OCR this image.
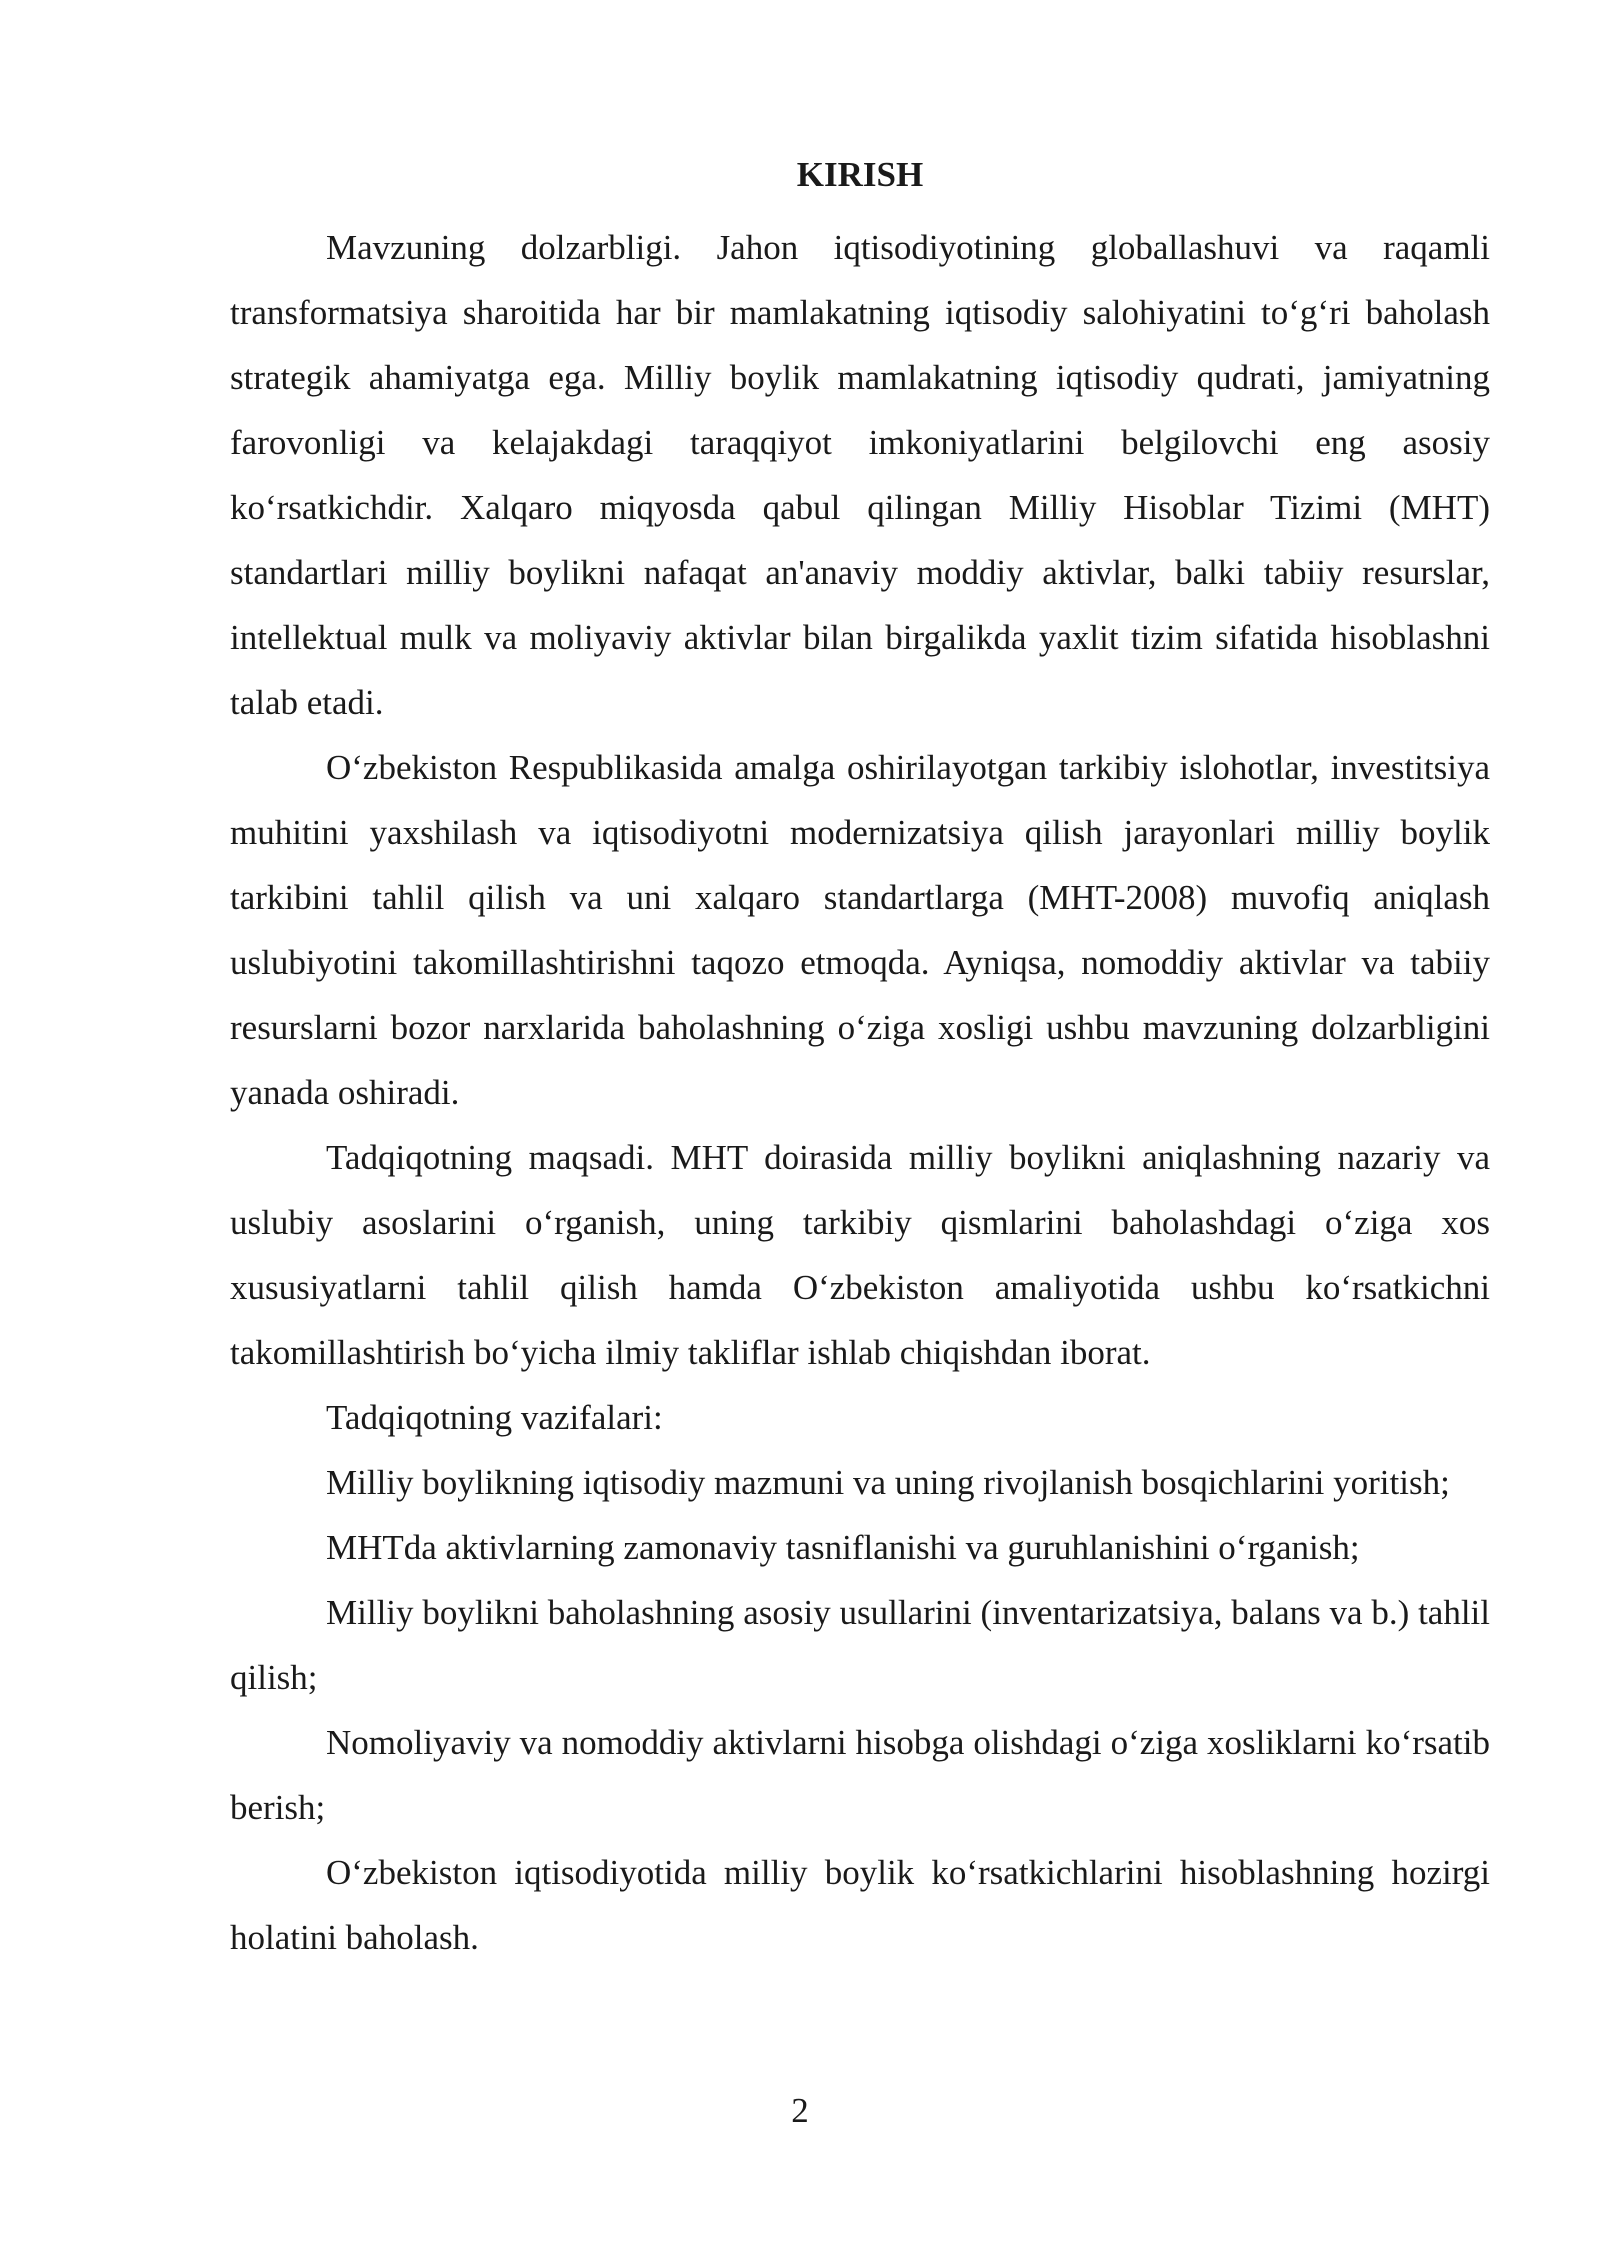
KIRISH

Mavzuning dolzarbligi. Jahon iqtisodiyotining globallashuvi va raqamli transformatsiya sharoitida har bir mamlakatning iqtisodiy salohiyatini to‘g‘ri baholash strategik ahamiyatga ega. Milliy boylik mamlakatning iqtisodiy qudrati, jamiyatning farovonligi va kelajakdagi taraqqiyot imkoniyatlarini belgilovchi eng asosiy ko‘rsatkichdir. Xalqaro miqyosda qabul qilingan Milliy Hisoblar Tizimi (MHT) standartlari milliy boylikni nafaqat an'anaviy moddiy aktivlar, balki tabiiy resurslar, intellektual mulk va moliyaviy aktivlar bilan birgalikda yaxlit tizim sifatida hisoblashni talab etadi.

O‘zbekiston Respublikasida amalga oshirilayotgan tarkibiy islohotlar, investitsiya muhitini yaxshilash va iqtisodiyotni modernizatsiya qilish jarayonlari milliy boylik tarkibini tahlil qilish va uni xalqaro standartlarga (MHT-2008) muvofiq aniqlash uslubiyotini takomillashtirishni taqozo etmoqda. Ayniqsa, nomoddiy aktivlar va tabiiy resurslarni bozor narxlarida baholashning o‘ziga xosligi ushbu mavzuning dolzarbligini yanada oshiradi.

Tadqiqotning maqsadi. MHT doirasida milliy boylikni aniqlashning nazariy va uslubiy asoslarini o‘rganish, uning tarkibiy qismlarini baholashdagi o‘ziga xos xususiyatlarni tahlil qilish hamda O‘zbekiston amaliyotida ushbu ko‘rsatkichni takomillashtirish bo‘yicha ilmiy takliflar ishlab chiqishdan iborat.

Tadqiqotning vazifalari:

Milliy boylikning iqtisodiy mazmuni va uning rivojlanish bosqichlarini yoritish;

MHTda aktivlarning zamonaviy tasniflanishi va guruhlanishini o‘rganish;

Milliy boylikni baholashning asosiy usullarini (inventarizatsiya, balans va b.) tahlil qilish;

Nomoliyaviy va nomoddiy aktivlarni hisobga olishdagi o‘ziga xosliklarni ko‘rsatib berish;

O‘zbekiston iqtisodiyotida milliy boylik ko‘rsatkichlarini hisoblashning hozirgi holatini baholash.

2
